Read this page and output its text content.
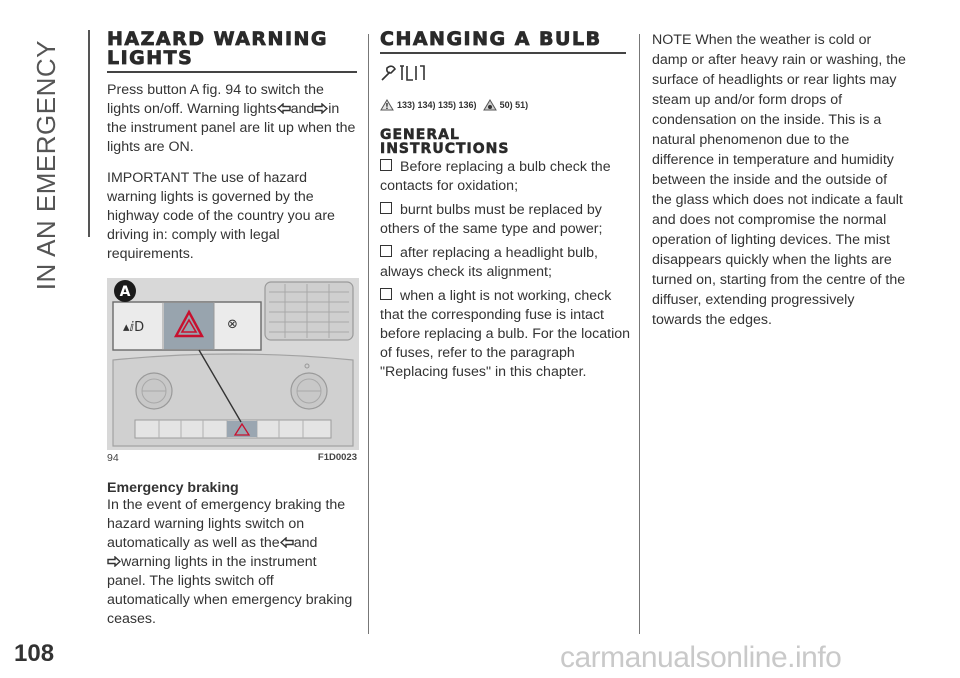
IN AN EMERGENCY
108	carmanualsonline.info
HAZARD WARNING
LIGHTS

Press button A fig. 94 to switch the lights on/off. Warning lights and in the instrument panel are lit up when the lights are ON.

IMPORTANT The use of hazard warning lights is governed by the highway code of the country you are driving in: comply with legal requirements.

▴ⅈD	⊗
A
94	F1D0023

Emergency braking

In the event of emergency braking the hazard warning lights switch on automatically as well as the and
warning lights in the instrument panel. The lights switch off automatically when emergency braking ceases.

CHANGING A BULB
! 133) 134) 135) 136)	50) 51)
GENERAL
INSTRUCTIONS

Before replacing a bulb check the contacts for oxidation;

burnt bulbs must be replaced by others of the same type and power;

after replacing a headlight bulb, always check its alignment;

when a light is not working, check that the corresponding fuse is intact before replacing a bulb. For the location of fuses, refer to the paragraph "Replacing fuses" in this chapter.

NOTE When the weather is cold or damp or after heavy rain or washing, the surface of headlights or rear lights may steam up and/or form drops of condensation on the inside. This is a natural phenomenon due to the difference in temperature and humidity between the inside and the outside of the glass which does not indicate a fault and does not compromise the normal operation of lighting devices. The mist disappears quickly when the lights are turned on, starting from the centre of the diffuser, extending progressively towards the edges.
